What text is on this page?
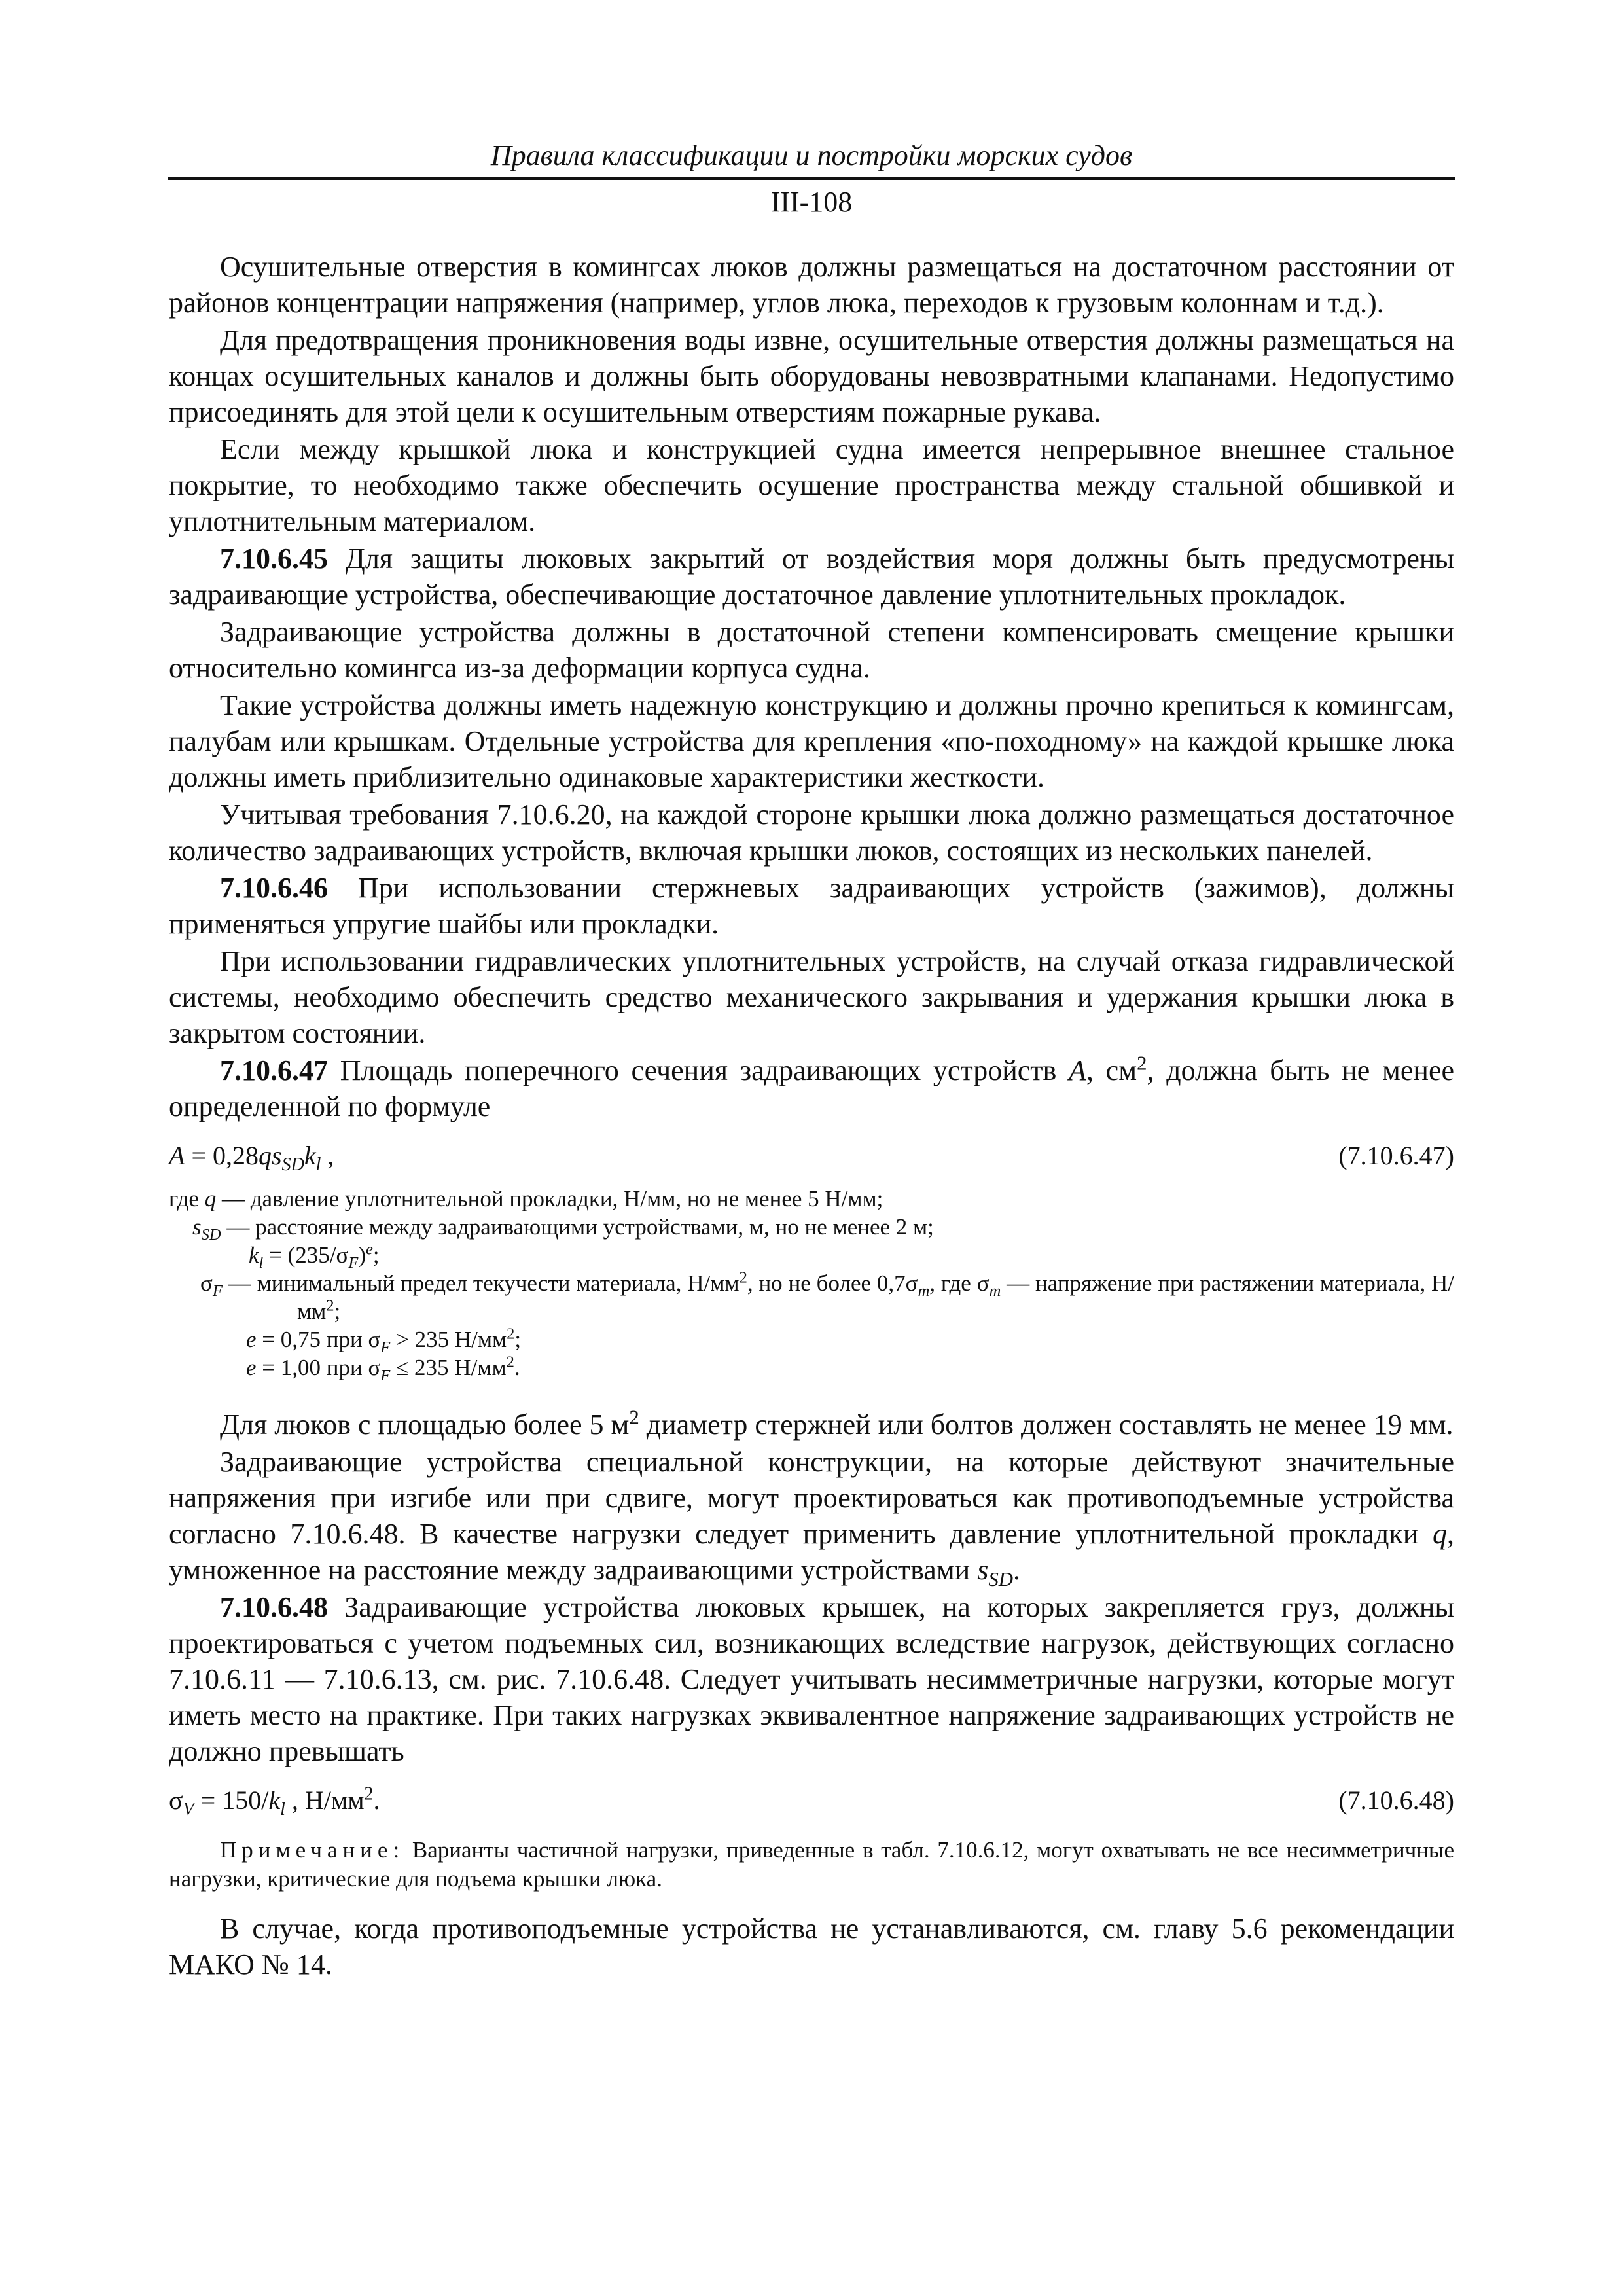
Правила классификации и постройки морских судов
III-108

Осушительные отверстия в комингсах люков должны размещаться на достаточном расстоянии от районов концентрации напряжения (например, углов люка, переходов к грузовым колоннам и т.д.).

Для предотвращения проникновения воды извне, осушительные отверстия должны размещаться на концах осушительных каналов и должны быть оборудованы невозвратными клапанами. Недопустимо присоединять для этой цели к осушительным отверстиям пожарные рукава.

Если между крышкой люка и конструкцией судна имеется непрерывное внешнее стальное покрытие, то необходимо также обеспечить осушение пространства между стальной обшивкой и уплотнительным материалом.

7.10.6.45 Для защиты люковых закрытий от воздействия моря должны быть предусмотрены задраивающие устройства, обеспечивающие достаточное давление уплотнительных прокладок.

Задраивающие устройства должны в достаточной степени компенсировать смещение крышки относительно комингса из-за деформации корпуса судна.

Такие устройства должны иметь надежную конструкцию и должны прочно крепиться к комингсам, палубам или крышкам. Отдельные устройства для крепления «по-походному» на каждой крышке люка должны иметь приблизительно одинаковые характеристики жесткости.

Учитывая требования 7.10.6.20, на каждой стороне крышки люка должно размещаться достаточное количество задраивающих устройств, включая крышки люков, состоящих из нескольких панелей.

7.10.6.46 При использовании стержневых задраивающих устройств (зажимов), должны применяться упругие шайбы или прокладки.

При использовании гидравлических уплотнительных устройств, на случай отказа гидравлической системы, необходимо обеспечить средство механического закрывания и удержания крышки люка в закрытом состоянии.

7.10.6.47 Площадь поперечного сечения задраивающих устройств A, $см^2$, должна быть не менее определенной по формуле

$A = 0,28qs_{SD}k_l$ ,	(7.10.6.47)
где q — давление уплотнительной прокладки, Н/мм, но не менее 5 Н/мм;
$s_{SD}$ — расстояние между задраивающими устройствами, м, но не менее 2 м;
$k_l = (235/\sigma_F)^e$;
$\sigma_F$ — минимальный предел текучести материала, $Н/мм^2$, но не более $0,7\sigma_m$, где $\sigma_m$ — напряжение при растяжении материала, $Н/мм^2$;
e = 0,75 при $\sigma_F > 235$ $Н/мм^2$;
e = 1,00 при $\sigma_F \le 235$ $Н/мм^2$.

Для люков с площадью более 5 $м^2$ диаметр стержней или болтов должен составлять не менее 19 мм.

Задраивающие устройства специальной конструкции, на которые действуют значительные напряжения при изгибе или при сдвиге, могут проектироваться как противоподъемные устройства согласно 7.10.6.48. В качестве нагрузки следует применить давление уплотнительной прокладки q, умноженное на расстояние между задраивающими устройствами $s_{SD}$.

7.10.6.48 Задраивающие устройства люковых крышек, на которых закрепляется груз, должны проектироваться с учетом подъемных сил, возникающих вследствие нагрузок, действующих согласно 7.10.6.11 — 7.10.6.13, см. рис. 7.10.6.48. Следует учитывать несимметричные нагрузки, которые могут иметь место на практике. При таких нагрузках эквивалентное напряжение задраивающих устройств не должно превышать

$\sigma_V = 150/k_l$ , $Н/мм^2$.	(7.10.6.48)
Примечание: Варианты частичной нагрузки, приведенные в табл. 7.10.6.12, могут охватывать не все несимметричные нагрузки, критические для подъема крышки люка.

В случае, когда противоподъемные устройства не устанавливаются, см. главу 5.6 рекомендации МАКО № 14.
